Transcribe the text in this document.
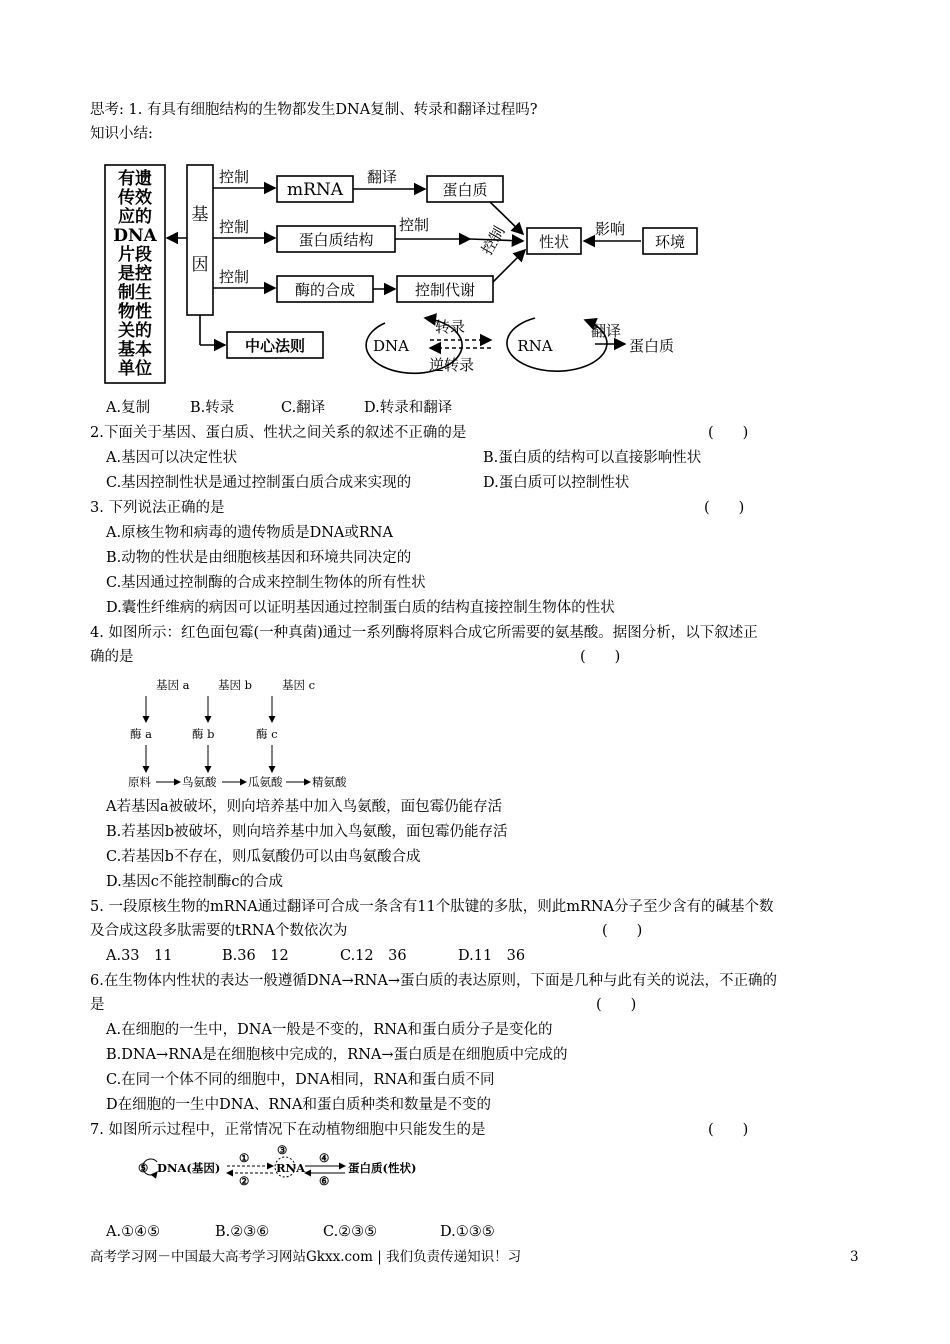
思考: 1. 有具有细胞结构的生物都发生DNA复制、转录和翻译过程吗?
知识小结:
有遗
传效
应的
DNA
片段
是控
制生
物性
关的
基本
单位
基
因
控制
控制
控制
mRNA
翻译
蛋白质
蛋白质结构
控制
酶的合成	控制代谢
控制 性状
影响
环境
中心法则	DNA
转录
逆转录
RNA
翻译
蛋白质
A.复制	B.转录	C.翻译	D.转录和翻译
2.下面关于基因、蛋白质、性状之间关系的叙述不正确的是	(　　)
A.基因可以决定性状	B.蛋白质的结构可以直接影响性状
C.基因控制性状是通过控制蛋白质合成来实现的	D.蛋白质可以控制性状
3. 下列说法正确的是	(　　)
A.原核生物和病毒的遗传物质是DNA或RNA
B.动物的性状是由细胞核基因和环境共同决定的
C.基因通过控制酶的合成来控制生物体的所有性状
D.囊性纤维病的病因可以证明基因通过控制蛋白质的结构直接控制生物体的性状
4. 如图所示：红色面包霉(一种真菌)通过一系列酶将原料合成它所需要的氨基酸。据图分析，以下叙述正
确的是	(　　)
基因 a 基因 b	基因 c
酶 a	酶 b	酶 c
原料	鸟氨酸	瓜氨酸	精氨酸
A若基因a被破坏，则向培养基中加入鸟氨酸，面包霉仍能存活
B.若基因b被破坏，则向培养基中加入鸟氨酸，面包霉仍能存活
C.若基因b不存在，则瓜氨酸仍可以由鸟氨酸合成
D.基因c不能控制酶c的合成
5. 一段原核生物的mRNA通过翻译可合成一条含有11个肽键的多肽，则此mRNA分子至少含有的碱基个数
及合成这段多肽需要的tRNA个数依次为	(　　)
A.33　11	B.36　12	C.12　36	D.11　36
6.在生物体内性状的表达一般遵循DNA→RNA→蛋白质的表达原则，下面是几种与此有关的说法，不正确的
是	(　　)
A.在细胞的一生中，DNA一般是不变的，RNA和蛋白质分子是变化的
B.DNA→RNA是在细胞核中完成的，RNA→蛋白质是在细胞质中完成的
C.在同一个体不同的细胞中，DNA相同，RNA和蛋白质不同
D在细胞的一生中DNA、RNA和蛋白质种类和数量是不变的
7. 如图所示过程中，正常情况下在动植物细胞中只能发生的是	(　　)
⑤ DNA(基因)
①
②
③
RNA
④
⑥
蛋白质(性状)
A.①④⑤	B.②③⑥	C.②③⑤	D.①③⑤
高考学习网－中国最大高考学习网站Gkxx.com | 我们负责传递知识！习	3
